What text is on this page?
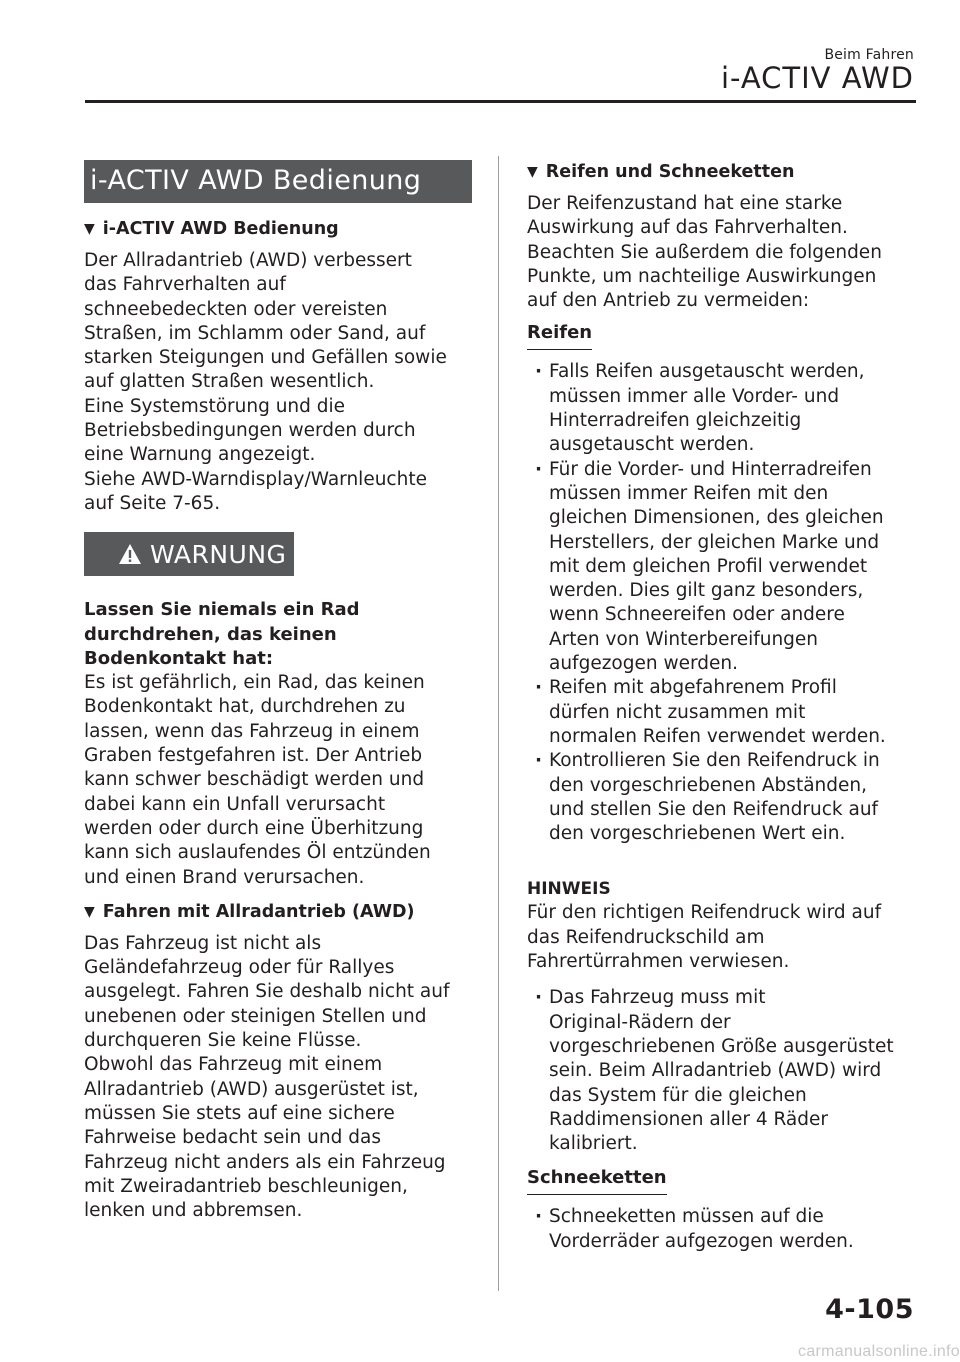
Beim Fahren
i-ACTIV AWD
i-ACTIV AWD Bedienung
▼ i-ACTIV AWD Bedienung

Der Allradantrieb (AWD) verbessert
das Fahrverhalten auf
schneebedeckten oder vereisten
Straßen, im Schlamm oder Sand, auf
starken Steigungen und Gefällen sowie
auf glatten Straßen wesentlich.
Eine Systemstörung und die
Betriebsbedingungen werden durch
eine Warnung angezeigt.
Siehe AWD-Warndisplay/Warnleuchte
auf Seite 7-65.

WARNUNG

Lassen Sie niemals ein Rad
durchdrehen, das keinen
Bodenkontakt hat:

Es ist gefährlich, ein Rad, das keinen
Bodenkontakt hat, durchdrehen zu
lassen, wenn das Fahrzeug in einem
Graben festgefahren ist. Der Antrieb
kann schwer beschädigt werden und
dabei kann ein Unfall verursacht
werden oder durch eine Überhitzung
kann sich auslaufendes Öl entzünden
und einen Brand verursachen.

▼ Fahren mit Allradantrieb (AWD)

Das Fahrzeug ist nicht als
Geländefahrzeug oder für Rallyes
ausgelegt. Fahren Sie deshalb nicht auf
unebenen oder steinigen Stellen und
durchqueren Sie keine Flüsse.
Obwohl das Fahrzeug mit einem
Allradantrieb (AWD) ausgerüstet ist,
müssen Sie stets auf eine sichere
Fahrweise bedacht sein und das
Fahrzeug nicht anders als ein Fahrzeug
mit Zweiradantrieb beschleunigen,
lenken und abbremsen.

▼ Reifen und Schneeketten

Der Reifenzustand hat eine starke
Auswirkung auf das Fahrverhalten.
Beachten Sie außerdem die folgenden
Punkte, um nachteilige Auswirkungen
auf den Antrieb zu vermeiden:

Reifen
· Falls Reifen ausgetauscht werden,
müssen immer alle Vorder- und
Hinterradreifen gleichzeitig
ausgetauscht werden.
· Für die Vorder- und Hinterradreifen
müssen immer Reifen mit den
gleichen Dimensionen, des gleichen
Herstellers, der gleichen Marke und
mit dem gleichen Profil verwendet
werden. Dies gilt ganz besonders,
wenn Schneereifen oder andere
Arten von Winterbereifungen
aufgezogen werden.
· Reifen mit abgefahrenem Profil
dürfen nicht zusammen mit
normalen Reifen verwendet werden.
· Kontrollieren Sie den Reifendruck in
den vorgeschriebenen Abständen,
und stellen Sie den Reifendruck auf
den vorgeschriebenen Wert ein.
HINWEIS

Für den richtigen Reifendruck wird auf
das Reifendruckschild am
Fahrertürrahmen verwiesen.

· Das Fahrzeug muss mit
Original-Rädern der
vorgeschriebenen Größe ausgerüstet
sein. Beim Allradantrieb (AWD) wird
das System für die gleichen
Raddimensionen aller 4 Räder
kalibriert.
Schneeketten
· Schneeketten müssen auf die
Vorderräder aufgezogen werden.
4-105
carmanualsonline.info
